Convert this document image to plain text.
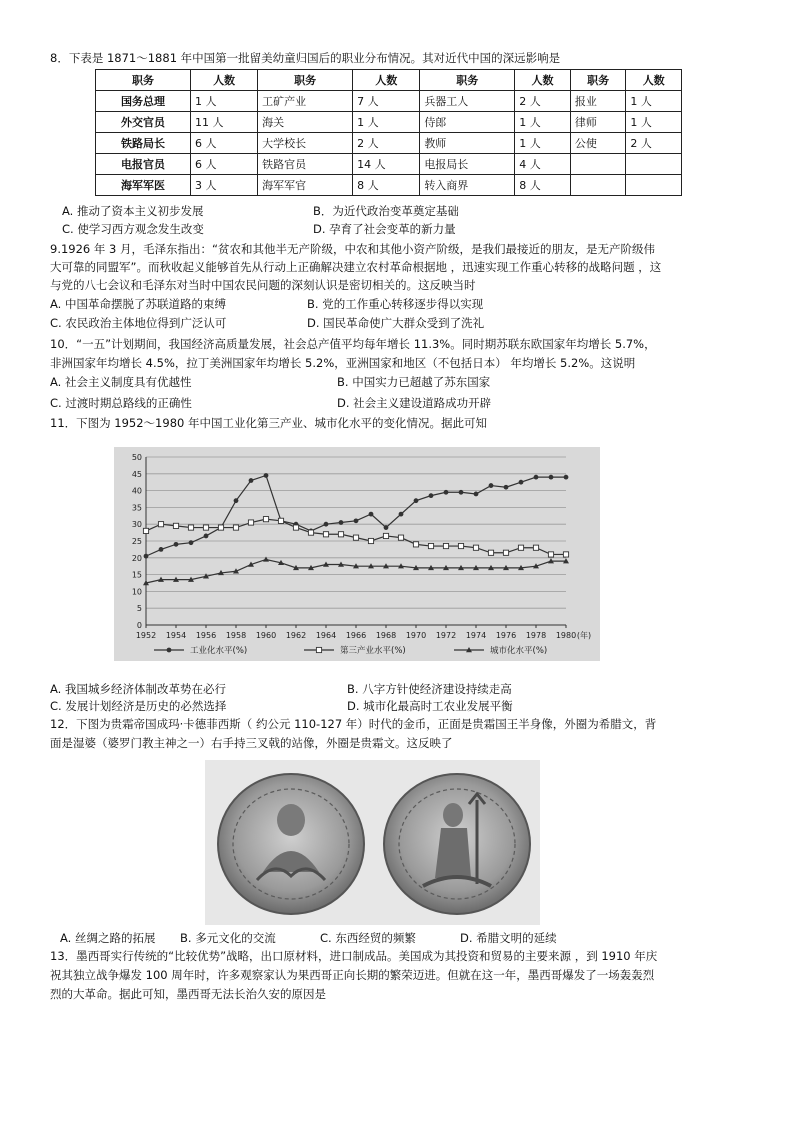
8．下表是 1871～1881 年中国第一批留美幼童归国后的职业分布情况。其对近代中国的深远影响是
职务	人数	职务	人数	职务	人数	职务	人数
国务总理	1 人	工矿产业	7 人	兵器工人	2 人	报业	1 人
外交官员	11 人	海关	1 人	侍郎	1 人	律师	1 人
铁路局长	6 人	大学校长	2 人	教师	1 人	公使	2 人
电报官员	6 人	铁路官员	14 人	电报局长	4 人		
海军军医	3 人	海军军官	8 人	转入商界	8 人		
A. 推动了资本主义初步发展	B．为近代政治变革奠定基础
C. 使学习西方观念发生改变	D. 孕育了社会变革的新力量
9.1926 年 3 月，毛泽东指出：“贫农和其他半无产阶级，中农和其他小资产阶级，是我们最接近的朋友，是无产阶级伟
大可靠的同盟军”。而秋收起义能够首先从行动上正确解决建立农村革命根据地 ，迅速实现工作重心转移的战略问题 ，这
与党的八七会议和毛泽东对当时中国农民问题的深刻认识是密切相关的。这反映当时
A. 中国革命摆脱了苏联道路的束缚	B. 党的工作重心转移逐步得以实现
C. 农民政治主体地位得到广泛认可	D. 国民革命使广大群众受到了洗礼
10．“一五”计划期间，我国经济高质量发展，社会总产值平均每年增长 11.3%。同时期苏联东欧国家年均增长 5.7%，
非洲国家年均增长 4.5%，拉丁美洲国家年均增长 5.2%，亚洲国家和地区（不包括日本） 年均增长 5.2%。这说明
A. 社会主义制度具有优越性	B. 中国实力已超越了苏东国家
C. 过渡时期总路线的正确性	D. 社会主义建设道路成功开辟
11．下图为 1952～1980 年中国工业化第三产业、城市化水平的变化情况。据此可知
0
5
10
15
20
25
30
35
40
45
50
1952 1954 1956 1958 1960 1962 1964 1966 1968 1970 1972 1974 1976 1978 1980 (年)
工业化水平(%)	第三产业水平(%)	城市化水平(%)
A. 我国城乡经济体制改革势在必行	B. 八字方针使经济建设持续走高
C. 发展计划经济是历史的必然选择	D. 城市化最高时工农业发展平衡
12．下图为贵霜帝国成玛·卡德菲西斯（ 约公元 110-127 年）时代的金币，正面是贵霜国王半身像，外圈为希腊文，背
面是湿婆（婆罗门教主神之一）右手持三叉戟的站像，外圈是贵霜文。这反映了
A. 丝绸之路的拓展 B. 多元文化的交流	C. 东西经贸的频繁	D. 希腊文明的延续
13．墨西哥实行传统的“比较优势”战略，出口原材料，进口制成品。美国成为其投资和贸易的主要来源 ，到 1910 年庆
祝其独立战争爆发 100 周年时，许多观察家认为果西哥正向长期的繁荣迈进。但就在这一年，墨西哥爆发了一场轰轰烈
烈的大革命。据此可知，墨西哥无法长治久安的原因是
